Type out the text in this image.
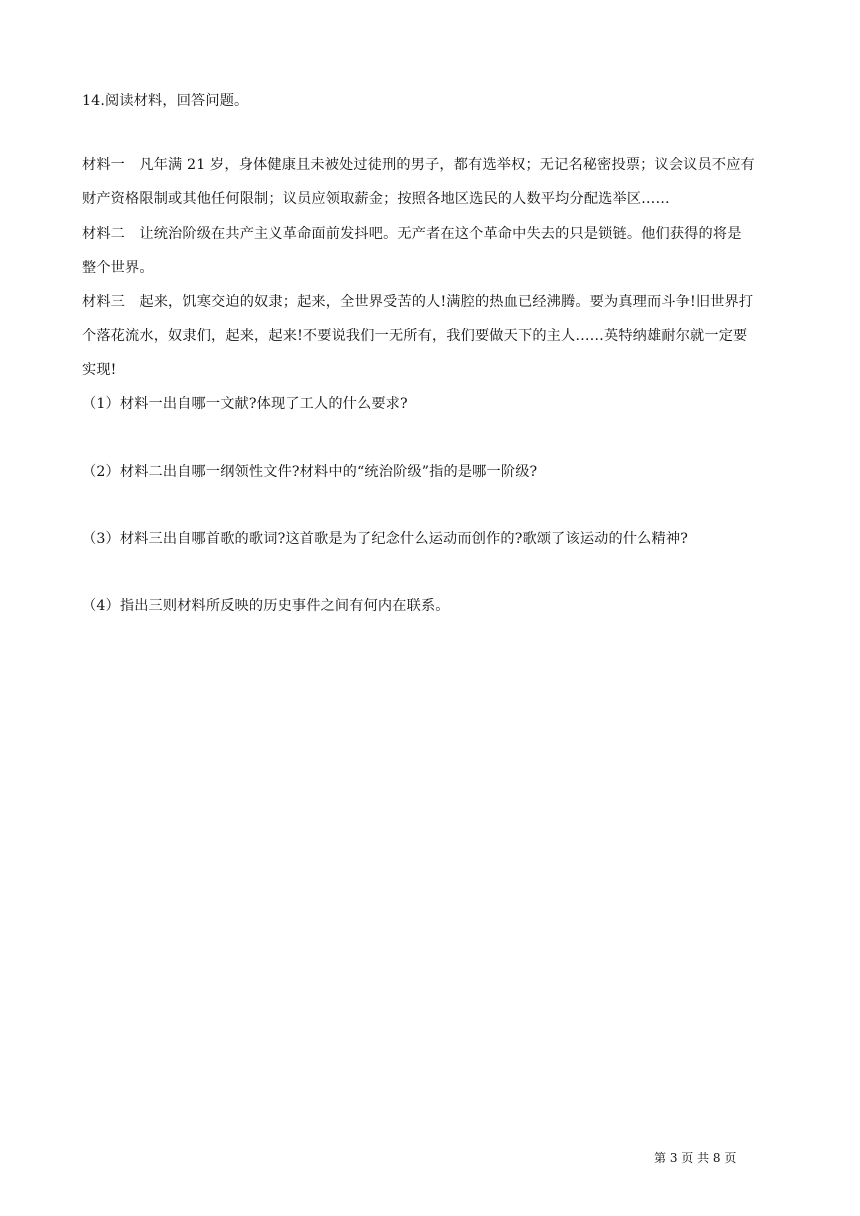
14.阅读材料，回答问题。
材料一　凡年满 21 岁，身体健康且未被处过徒刑的男子，都有选举权；无记名秘密投票；议会议员不应有
财产资格限制或其他任何限制；议员应领取薪金；按照各地区选民的人数平均分配选举区……
材料二　让统治阶级在共产主义革命面前发抖吧。无产者在这个革命中失去的只是锁链。他们获得的将是
整个世界。
材料三　起来，饥寒交迫的奴隶；起来，全世界受苦的人!满腔的热血已经沸腾。要为真理而斗争!旧世界打
个落花流水，奴隶们，起来，起来!不要说我们一无所有，我们要做天下的主人……英特纳雄耐尔就一定要
实现!
（1）材料一出自哪一文献?体现了工人的什么要求?
（2）材料二出自哪一纲领性文件?材料中的“统治阶级”指的是哪一阶级?
（3）材料三出自哪首歌的歌词?这首歌是为了纪念什么运动而创作的?歌颂了该运动的什么精神?
（4）指出三则材料所反映的历史事件之间有何内在联系。
第 3 页 共 8 页
